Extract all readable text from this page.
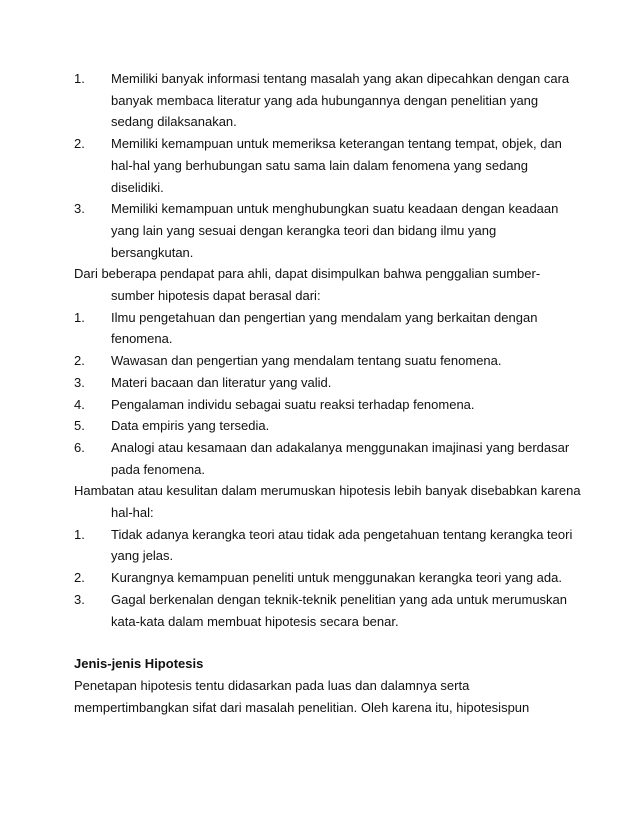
1.	Memiliki banyak informasi tentang masalah yang akan dipecahkan dengan cara
banyak membaca literatur yang ada hubungannya dengan penelitian yang
sedang dilaksanakan.
2.	Memiliki kemampuan untuk memeriksa keterangan tentang tempat, objek, dan
hal-hal yang berhubungan satu sama lain dalam fenomena yang sedang
diselidiki.
3.	Memiliki kemampuan untuk menghubungkan suatu keadaan dengan keadaan
yang lain yang sesuai dengan kerangka teori dan bidang ilmu yang
bersangkutan.
Dari beberapa pendapat para ahli, dapat disimpulkan bahwa penggalian sumber-
sumber hipotesis dapat berasal dari:
1.	Ilmu pengetahuan dan pengertian yang mendalam yang berkaitan dengan
fenomena.
2.	Wawasan dan pengertian yang mendalam tentang suatu fenomena.
3.	Materi bacaan dan literatur yang valid.
4.	Pengalaman individu sebagai suatu reaksi terhadap fenomena.
5.	Data empiris yang tersedia.
6.	Analogi atau kesamaan dan adakalanya menggunakan imajinasi yang berdasar
pada fenomena.
Hambatan atau kesulitan dalam merumuskan hipotesis lebih banyak disebabkan karena
hal-hal:
1.	Tidak adanya kerangka teori atau tidak ada pengetahuan tentang kerangka teori
yang jelas.
2.	Kurangnya kemampuan peneliti untuk menggunakan kerangka teori yang ada.
3.	Gagal berkenalan dengan teknik-teknik penelitian yang ada untuk merumuskan
kata-kata dalam membuat hipotesis secara benar.
Jenis-jenis Hipotesis
Penetapan hipotesis tentu didasarkan pada luas dan dalamnya serta
mempertimbangkan sifat dari masalah penelitian. Oleh karena itu, hipotesispun
